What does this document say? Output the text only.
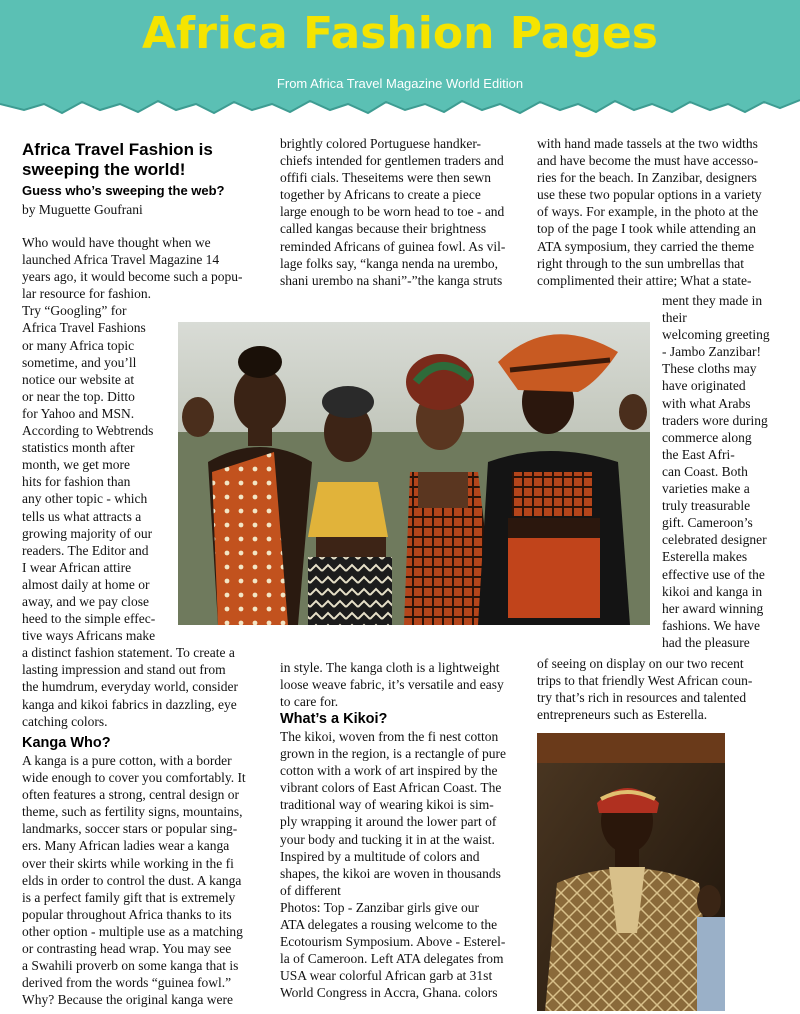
Africa Fashion Pages
From Africa Travel Magazine World Edition
Africa Travel Fashion is sweeping the world!
Guess who’s sweeping the web?
by Muguette Goufrani

Who would have thought when we

launched Africa Travel Magazine 14

years ago, it would become such a popu-

lar resource for fashion.

Try “Googling” for

Africa Travel Fashions

or many Africa topic

sometime, and you’ll

notice our website at

or near the top. Ditto

for Yahoo and MSN.

According to Webtrends

statistics month after

month, we get more

hits for fashion than

any other topic - which

tells us what attracts a

growing majority of our

readers. The Editor and

I wear African attire

almost daily at home or

away, and we pay close

heed to the simple effec-

tive ways Africans make

a distinct fashion statement. To create a

lasting impression and stand out from

the humdrum, everyday world, consider

kanga and kikoi fabrics in dazzling, eye

catching colors.

Kanga Who?

A kanga is a pure cotton, with a border

wide enough to cover you comfortably. It

often features a strong, central design or

theme, such as fertility signs, mountains,

landmarks, soccer stars or popular sing-

ers. Many African ladies wear a kanga

over their skirts while working in the fi

elds in order to control the dust. A kanga

is a perfect family gift that is extremely

popular throughout Africa thanks to its

other option - multiple use as a matching

or contrasting head wrap. You may see

a Swahili proverb on some kanga that is

derived from the words “guinea fowl.”

Why? Because the original kanga were

brightly colored Portuguese handker-

chiefs intended for gentlemen traders and

offifi cials. Theseitems were then sewn

together by Africans to create a piece

large enough to be worn head to toe - and

called kangas because their brightness

reminded Africans of guinea fowl. As vil-

lage folks say, “kanga nenda na urembo,

shani urembo na shani”-”the kanga struts

in style. The kanga cloth is a lightweight

loose weave fabric, it’s versatile and easy

to care for.

What’s a Kikoi?

The kikoi, woven from the fi nest cotton

grown in the region, is a rectangle of pure

cotton with a work of art inspired by the

vibrant colors of East African Coast. The

traditional way of wearing kikoi is sim-

ply wrapping it around the lower part of

your body and tucking it in at the waist.

Inspired by a multitude of colors and

shapes, the kikoi are woven in thousands

of different

Photos: Top - Zanzibar girls give our

ATA delegates a rousing welcome to the

Ecotourism Symposium. Above - Esterel-

la of Cameroon. Left ATA delegates from

USA wear colorful African garb at 31st

World Congress in Accra, Ghana. colors

with hand made tassels at the two widths

and have become the must have accesso-

ries for the beach. In Zanzibar, designers

use these two popular options in a variety

of ways. For example, in the photo at the

top of the page I took while attending an

ATA symposium, they carried the theme

right through to the sun umbrellas that

complimented their attire; What a state-

ment they made in

their

welcoming greeting

- Jambo Zanzibar!

These cloths may

have originated

with what Arabs

traders wore during

commerce along

the East Afri-

can Coast. Both

varieties make a

truly treasurable

gift. Cameroon’s

celebrated designer

Esterella makes

effective use of the

kikoi and kanga in

her award winning

fashions. We have

had the pleasure

of seeing on display on our two recent

trips to that friendly West African coun-

try that’s rich in resources and talented

entrepreneurs such as Esterella.
